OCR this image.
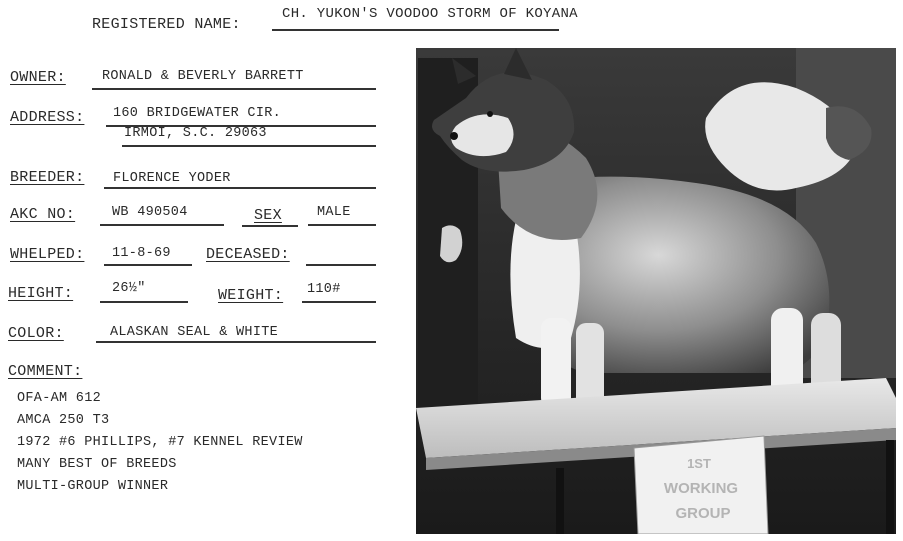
REGISTERED NAME:
CH. YUKON'S VOODOO STORM OF KOYANA
OWNER:	RONALD & BEVERLY BARRETT
ADDRESS: 160 BRIDGEWATER CIR.
IRMOI, S.C. 29063
BREEDER: FLORENCE YODER
AKC NO:	WB 490504	SEX	MALE
WHELPED: 11-8-69 DECEASED:
HEIGHT:	26½"	WEIGHT: 110#
COLOR:	ALASKAN SEAL & WHITE
COMMENT:
OFA-AM 612
AMCA 250 T3
1972 #6 PHILLIPS, #7 KENNEL REVIEW
MANY BEST OF BREEDS
MULTI-GROUP WINNER
1ST
WORKING
GROUP
